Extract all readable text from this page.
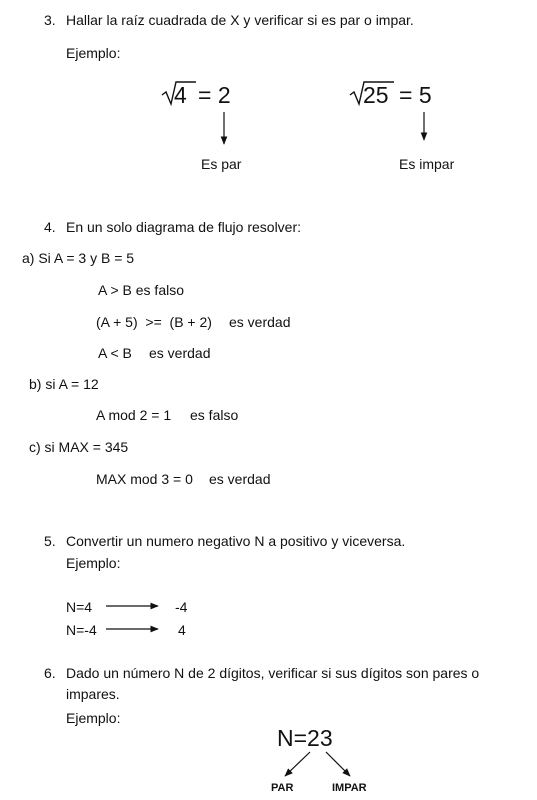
3. Hallar la raíz cuadrada de X y verificar si es par o impar.
Ejemplo:
4 = 2
Es par
25 = 5
Es impar
4. En un solo diagrama de flujo resolver:
a) Si A = 3 y B = 5
A > B es falso
(A + 5)  >=  (B + 2) es verdad
A < B es verdad
b) si A = 12
A mod 2 = 1 es falso
c) si MAX = 345
MAX mod 3 = 0 es verdad
5. Convertir un numero negativo N a positivo y viceversa.
Ejemplo:
N=4	-4
N=-4	4
6. Dado un número N de 2 dígitos, verificar si sus dígitos son pares o
impares.
Ejemplo:
N=23
PAR	IMPAR
